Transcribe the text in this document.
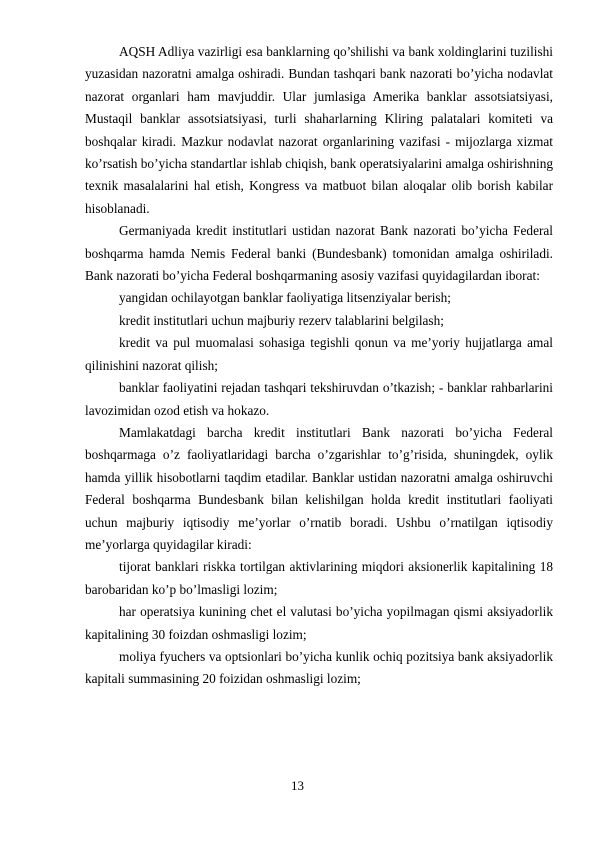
AQSH Adliya vazirligi esa banklarning qo’shilishi va bank xoldinglarini tuzilishi yuzasidan nazoratni amalga oshiradi. Bundan tashqari bank nazorati bo’yicha nodavlat nazorat organlari ham mavjuddir. Ular jumlasiga Amerika banklar assotsiatsiyasi, Mustaqil banklar assotsiatsiyasi, turli shaharlarning Kliring palatalari komiteti va boshqalar kiradi. Mazkur nodavlat nazorat organlarining vazifasi - mijozlarga xizmat ko’rsatish bo’yicha standartlar ishlab chiqish, bank operatsiyalarini amalga oshirishning texnik masalalarini hal etish, Kongress va matbuot bilan aloqalar olib borish kabilar hisoblanadi.

Germaniyada kredit institutlari ustidan nazorat Bank nazorati bo’yicha Federal boshqarma hamda Nemis Federal banki (Bundesbank) tomonidan amalga oshiriladi. Bank nazorati bo’yicha Federal boshqarmaning asosiy vazifasi quyidagilardan iborat:

yangidan ochilayotgan banklar faoliyatiga litsenziyalar berish;

kredit institutlari uchun majburiy rezerv talablarini belgilash;

kredit va pul muomalasi sohasiga tegishli qonun va me’yoriy hujjatlarga amal qilinishini nazorat qilish;

banklar faoliyatini rejadan tashqari tekshiruvdan o’tkazish; - banklar rahbarlarini lavozimidan ozod etish va hokazo.

Mamlakatdagi barcha kredit institutlari Bank nazorati bo’yicha Federal boshqarmaga o’z faoliyatlaridagi barcha o’zgarishlar to’g’risida, shuningdek, oylik hamda yillik hisobotlarni taqdim etadilar. Banklar ustidan nazoratni amalga oshiruvchi Federal boshqarma Bundesbank bilan kelishilgan holda kredit institutlari faoliyati uchun majburiy iqtisodiy me’yorlar o’rnatib boradi. Ushbu o’rnatilgan iqtisodiy me’yorlarga quyidagilar kiradi:

tijorat banklari riskka tortilgan aktivlarining miqdori aksionerlik kapitalining 18 barobaridan ko’p bo’lmasligi lozim;

har operatsiya kunining chet el valutasi bo’yicha yopilmagan qismi aksiyadorlik kapitalining 30 foizdan oshmasligi lozim;

moliya fyuchers va optsionlari bo’yicha kunlik ochiq pozitsiya bank aksiyadorlik kapitali summasining 20 foizidan oshmasligi lozim;

13
